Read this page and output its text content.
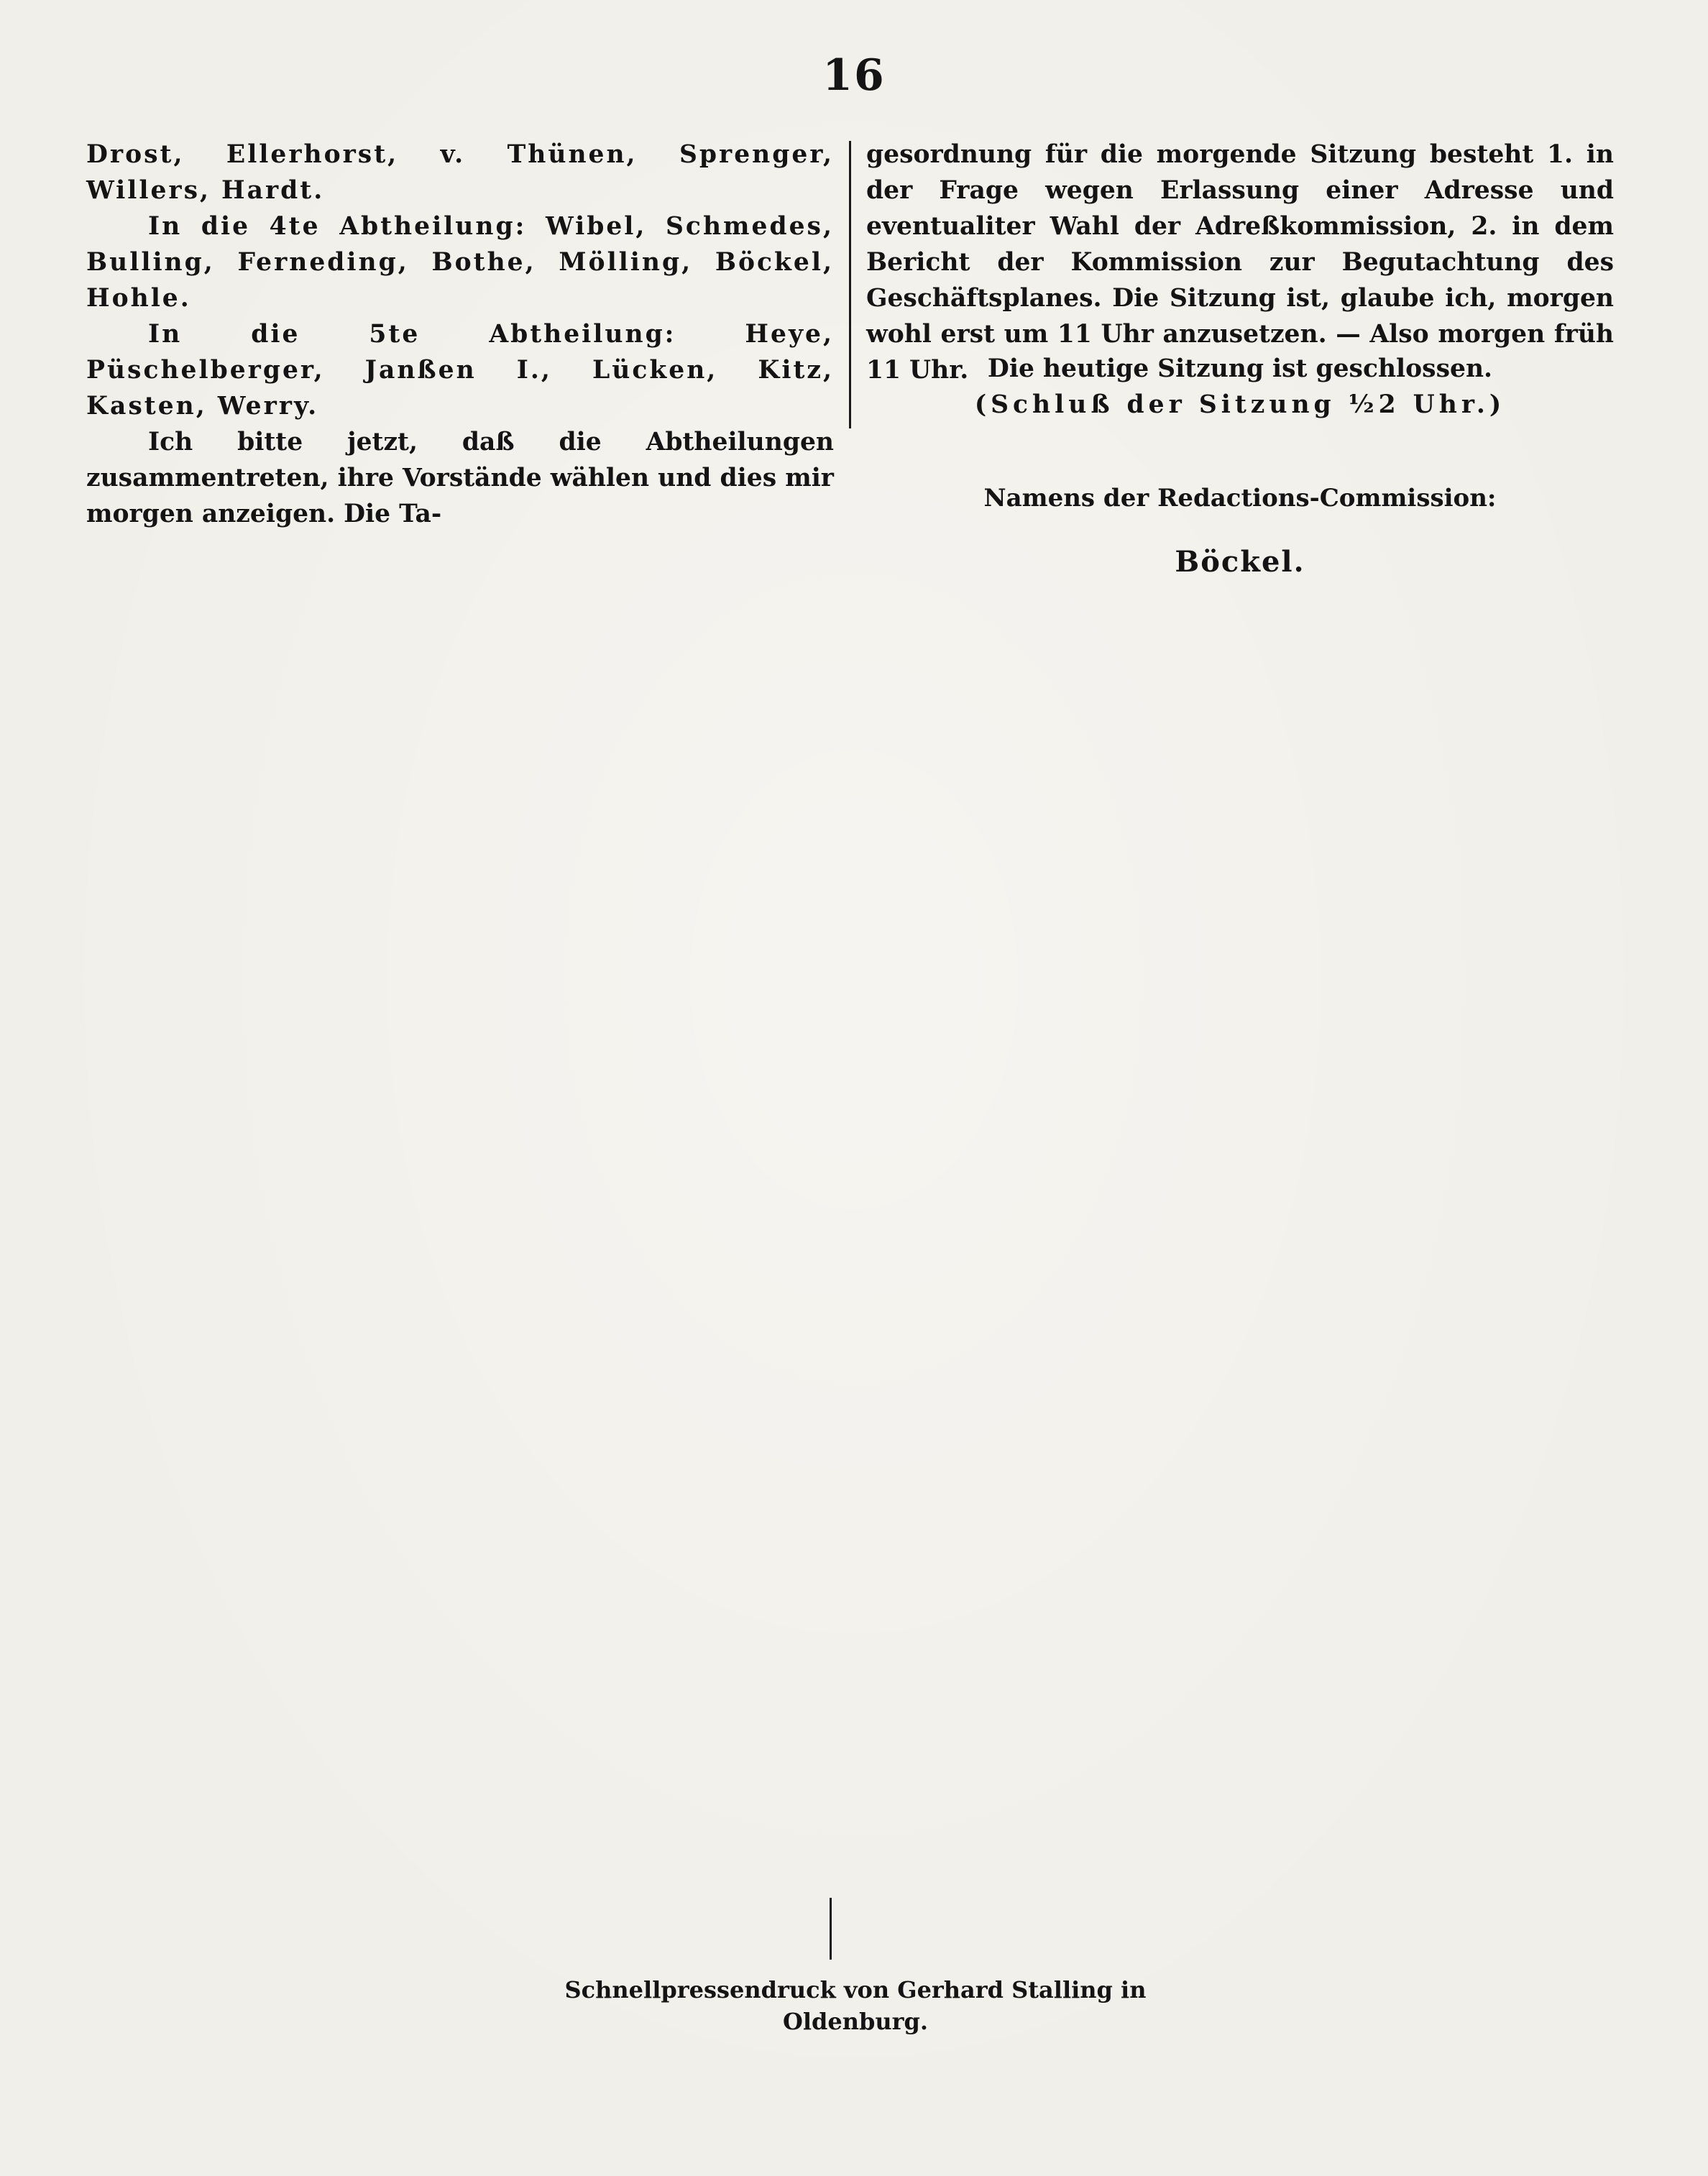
16

Drost, Ellerhorst, v. Thünen, Sprenger, Willers, Hardt.

In die 4te Abtheilung: Wibel, Schmedes, Bulling, Ferneding, Bothe, Mölling, Böckel, Hohle.

In die 5te Abtheilung: Heye, Püschelberger, Janßen I., Lücken, Kitz, Kasten, Werry.

Ich bitte jetzt, daß die Abtheilungen zusammentreten, ihre Vorstände wählen und dies mir morgen anzeigen. Die Ta-

gesordnung für die morgende Sitzung besteht 1. in der Frage wegen Erlassung einer Adresse und eventualiter Wahl der Adreßkommission, 2. in dem Bericht der Kommission zur Begutachtung des Geschäftsplanes. Die Sitzung ist, glaube ich, morgen wohl erst um 11 Uhr anzusetzen. — Also morgen früh 11 Uhr. Die heutige Sitzung ist geschlossen.

(Schluß der Sitzung ½2 Uhr.)

Namens der Redactions-Commission:
Böckel.
Schnellpressendruck von Gerhard Stalling in Oldenburg.
